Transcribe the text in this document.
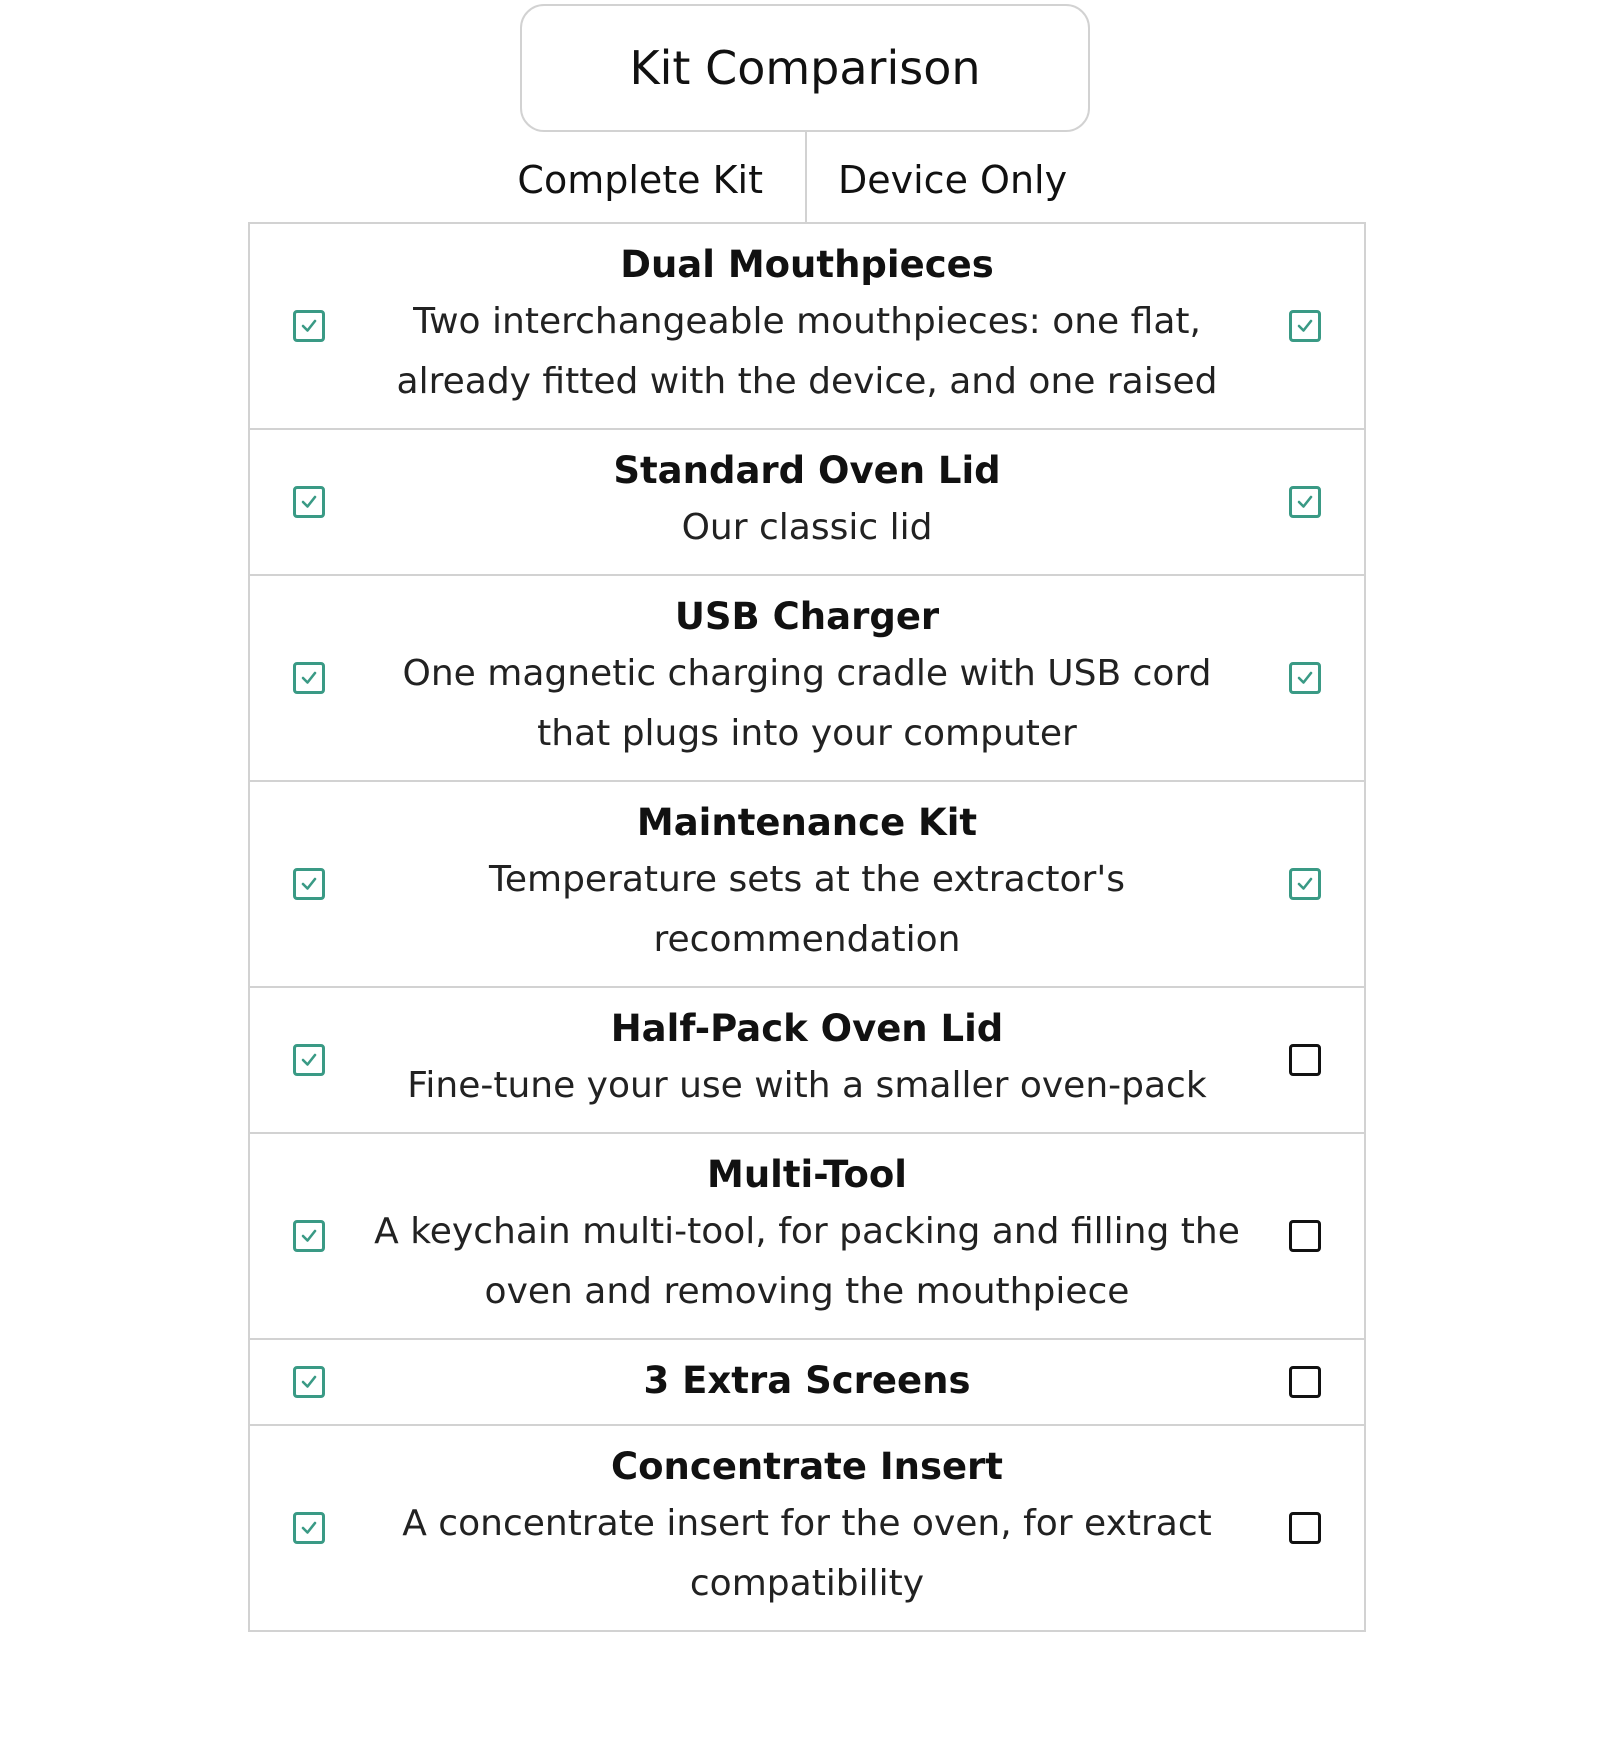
Kit Comparison
Complete Kit	Device Only
Dual Mouthpieces
Two interchangeable mouthpieces: one flat,
already fitted with the device, and one raised
Standard Oven Lid
Our classic lid
USB Charger
One magnetic charging cradle with USB cord
that plugs into your computer
Maintenance Kit
Temperature sets at the extractor's
recommendation
Half-Pack Oven Lid
Fine-tune your use with a smaller oven-pack
Multi-Tool
A keychain multi-tool, for packing and filling the
oven and removing the mouthpiece
3 Extra Screens
Concentrate Insert
A concentrate insert for the oven, for extract
compatibility
